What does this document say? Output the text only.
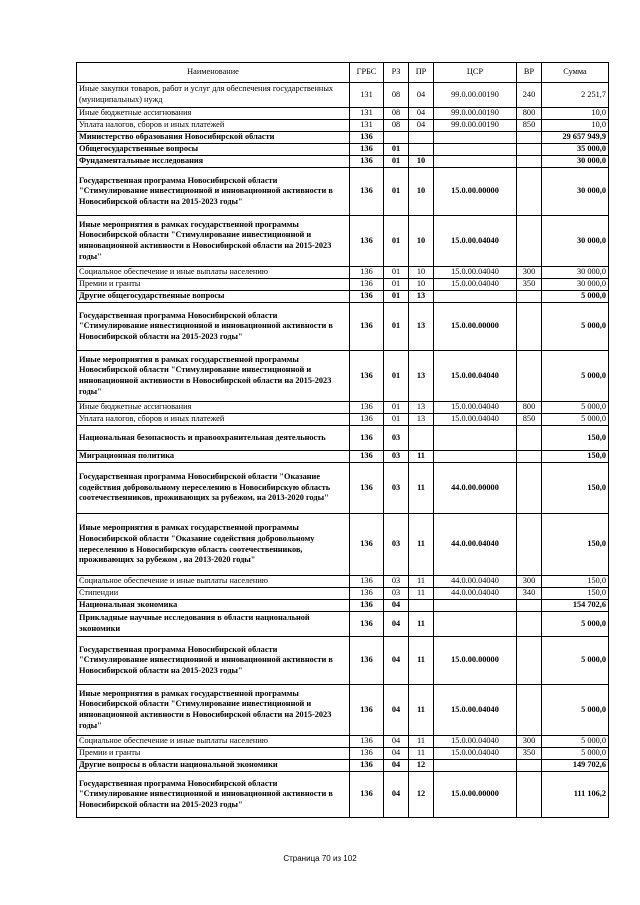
Наименование	ГРБС	РЗ	ПР	ЦСР	ВР	Сумма
Иные закупки товаров, работ и услуг для обеспечения государственных (муниципальных) нужд	131	08	04	99.0.00.00190	240	2 251,7
Иные бюджетные ассигнования	131	08	04	99.0.00.00190	800	10,0
Уплата налогов, сборов и иных платежей	131	08	04	99.0.00.00190	850	10,0
Министерство образования Новосибирской области	136					29 657 949,9
Общегосударственные вопросы	136	01				35 000,0
Фундаментальные исследования	136	01	10			30 000,0
Государственная программа Новосибирской области "Стимулирование инвестиционной и инновационной активности в Новосибирской области на 2015-2023 годы"	136	01	10	15.0.00.00000		30 000,0
Иные мероприятия в рамках государственной программы Новосибирской области "Стимулирование инвестиционной и инновационной активности в Новосибирской области на 2015-2023 годы"	136	01	10	15.0.00.04040		30 000,0
Социальное обеспечение и иные выплаты населению	136	01	10	15.0.00.04040	300	30 000,0
Премии и гранты	136	01	10	15.0.00.04040	350	30 000,0
Другие общегосударственные вопросы	136	01	13			5 000,0
Государственная программа Новосибирской области "Стимулирование инвестиционной и инновационной активности в Новосибирской области на 2015-2023 годы"	136	01	13	15.0.00.00000		5 000,0
Иные мероприятия в рамках государственной программы Новосибирской области "Стимулирование инвестиционной и инновационной активности в Новосибирской области на 2015-2023 годы"	136	01	13	15.0.00.04040		5 000,0
Иные бюджетные ассигнования	136	01	13	15.0.00.04040	800	5 000,0
Уплата налогов, сборов и иных платежей	136	01	13	15.0.00.04040	850	5 000,0
Национальная безопасность и правоохранительная деятельность	136	03				150,0
Миграционная политика	136	03	11			150,0
Государственная программа Новосибирской области "Оказание содействия добровольному переселению в Новосибирскую область соотечественников, проживающих за рубежом, на 2013-2020 годы"	136	03	11	44.0.00.00000		150,0
Иные мероприятия в рамках государственной программы Новосибирской области "Оказание содействия добровольному переселению в Новосибирскую область соотечественников, проживающих за рубежом , на 2013-2020 годы"	136	03	11	44.0.00.04040		150,0
Социальное обеспечение и иные выплаты населению	136	03	11	44.0.00.04040	300	150,0
Стипендии	136	03	11	44.0.00.04040	340	150,0
Национальная экономика	136	04				154 702,6
Прикладные научные исследования в области национальной экономики	136	04	11			5 000,0
Государственная программа Новосибирской области "Стимулирование инвестиционной и инновационной активности в Новосибирской области на 2015-2023 годы"	136	04	11	15.0.00.00000		5 000,0
Иные мероприятия в рамках государственной программы Новосибирской области "Стимулирование инвестиционной и инновационной активности в Новосибирской области на 2015-2023 годы"	136	04	11	15.0.00.04040		5 000,0
Социальное обеспечение и иные выплаты населению	136	04	11	15.0.00.04040	300	5 000,0
Премии и гранты	136	04	11	15.0.00.04040	350	5 000,0
Другие вопросы в области национальной экономики	136	04	12			149 702,6
Государственная программа Новосибирской области "Стимулирование инвестиционной и инновационной активности в Новосибирской области на 2015-2023 годы"	136	04	12	15.0.00.00000		111 106,2
Страница 70 из 102
